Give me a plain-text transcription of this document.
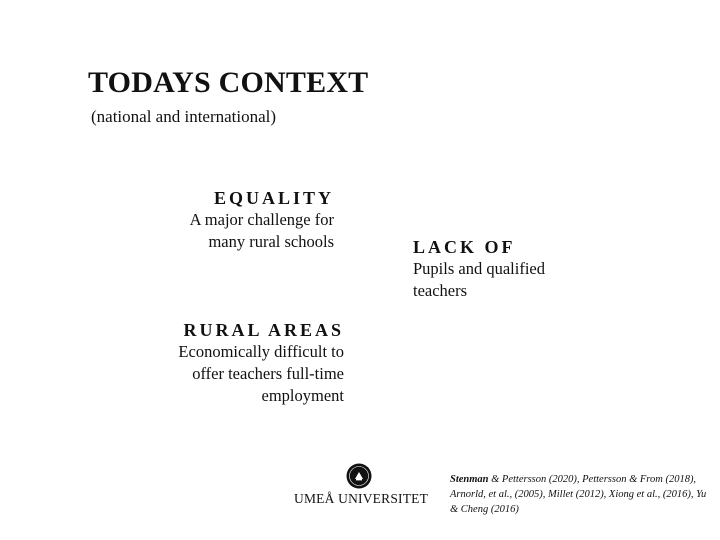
TODAYS CONTEXT
(national and international)
EQUALITY
A major challenge for
many rural schools	LACK OF
Pupils and qualified
teachers
RURAL AREAS
Economically difficult to
offer teachers full-time
employment
UMEÅ UNIVERSITET
Stenman & Pettersson (2020), Pettersson & From (2018), Arnorld, et al., (2005), Millet (2012), Xiong et al., (2016), Yu & Cheng (2016)
